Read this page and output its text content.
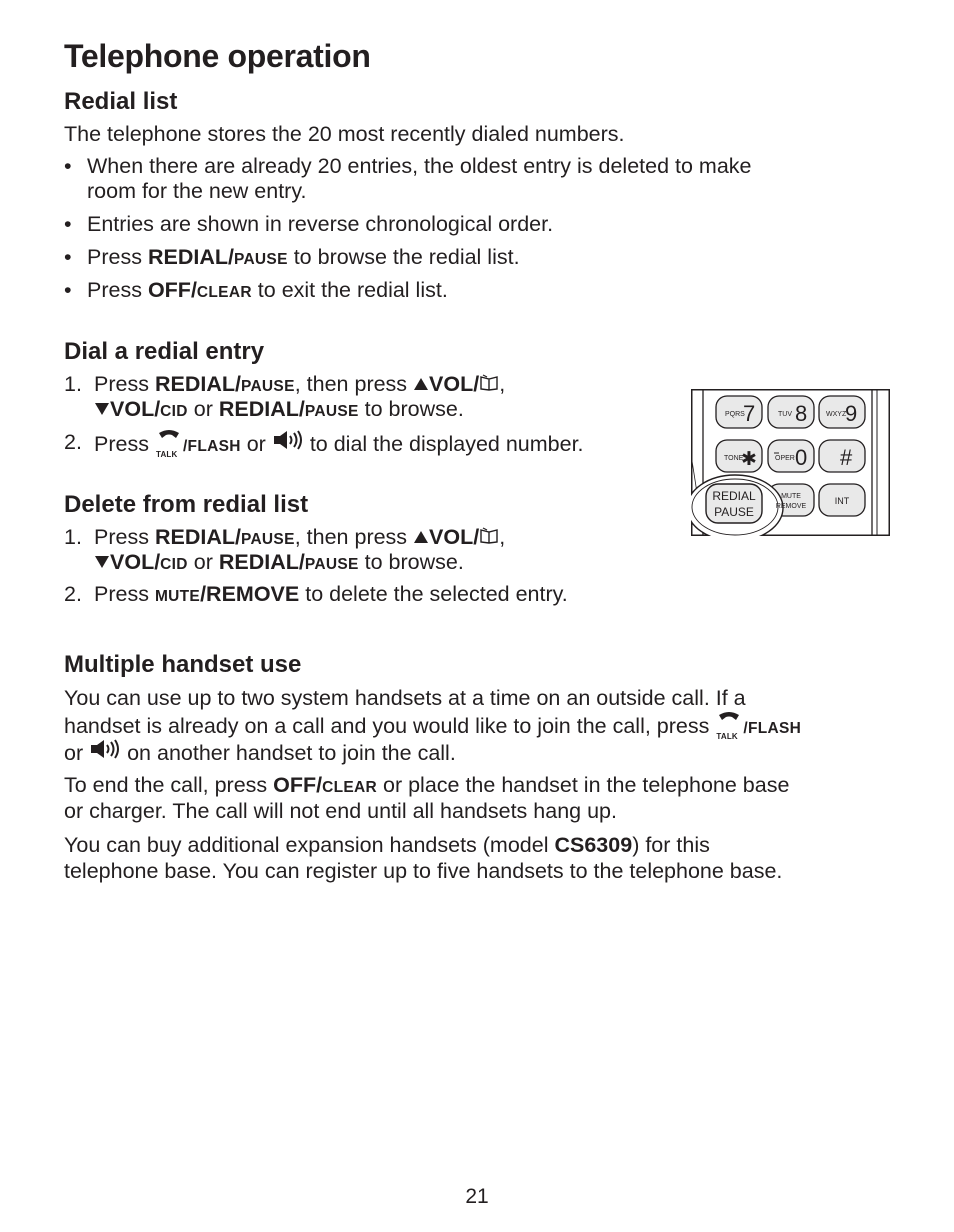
Telephone operation
Redial list
The telephone stores the 20 most recently dialed numbers.
• When there are already 20 entries, the oldest entry is deleted to make
room for the new entry.
• Entries are shown in reverse chronological order.
• Press REDIAL/PAUSE to browse the redial list.
• Press OFF/CLEAR to exit the redial list.
Dial a redial entry
1. Press REDIAL/PAUSE, then press VOL/ ,
VOL/CID or REDIAL/PAUSE to browse.
2. Press TALK /FLASH or to dial the displayed number.
Delete from redial list
1. Press REDIAL/PAUSE, then press VOL/ ,
VOL/CID or REDIAL/PAUSE to browse.
2. Press MUTE/REMOVE to delete the selected entry.
Multiple handset use
You can use up to two system handsets at a time on an outside call. If a
handset is already on a call and you would like to join the call, press TALK /FLASH
or on another handset to join the call.
To end the call, press OFF/CLEAR or place the handset in the telephone base
or charger. The call will not end until all handsets hang up.
You can buy additional expansion handsets (model CS6309) for this
telephone base. You can register up to five handsets to the telephone base.
PQRS
7	TUV 8	WXYZ
9
TONE
✱	OPER 0 #
REDIAL
PAUSE
MUTE
REMOVE
INT
21
